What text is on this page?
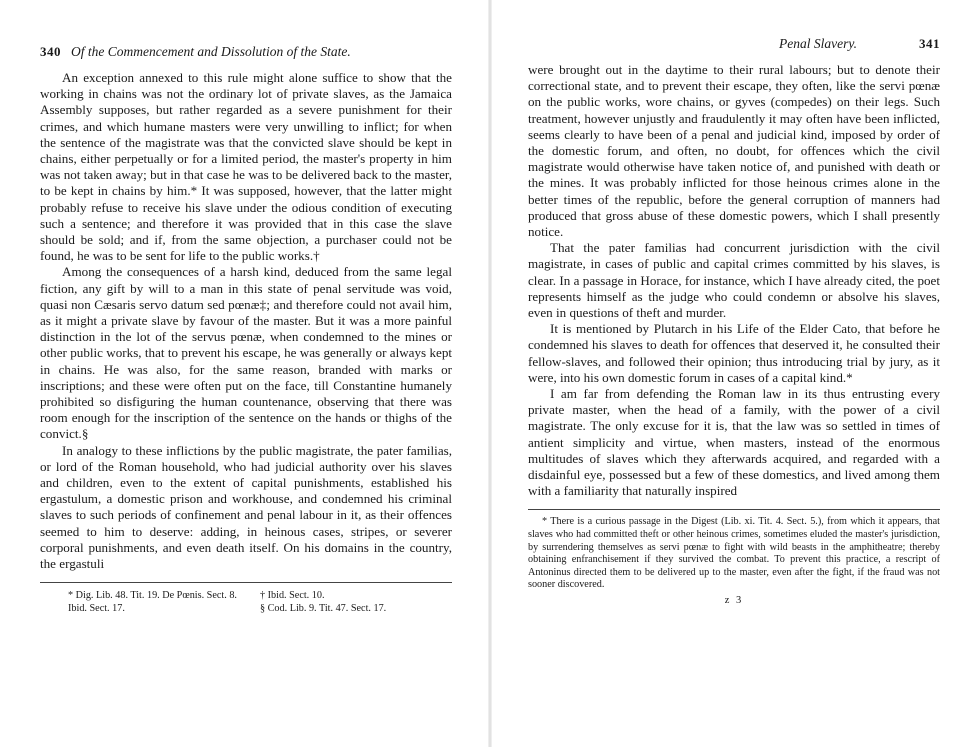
340 Of the Commencement and Dissolution of the State.

An exception annexed to this rule might alone suffice to show that the working in chains was not the ordinary lot of private slaves, as the Jamaica Assembly supposes, but rather regarded as a severe punishment for their crimes, and which humane masters were very unwilling to inflict; for when the sentence of the magistrate was that the convicted slave should be kept in chains, either perpetually or for a limited period, the master's property in him was not taken away; but in that case he was to be delivered back to the master, to be kept in chains by him.* It was supposed, however, that the latter might probably refuse to receive his slave under the odious condition of executing such a sentence; and therefore it was provided that in this case the slave should be sold; and if, from the same objection, a purchaser could not be found, he was to be sent for life to the public works.†

Among the consequences of a harsh kind, deduced from the same legal fiction, any gift by will to a man in this state of penal servitude was void, quasi non Cæsaris servo datum sed pœnæ‡; and therefore could not avail him, as it might a private slave by favour of the master. But it was a more painful distinction in the lot of the servus pœnæ, when condemned to the mines or other public works, that to prevent his escape, he was generally or always kept in chains. He was also, for the same reason, branded with marks or inscriptions; and these were often put on the face, till Constantine humanely prohibited so disfiguring the human countenance, observing that there was room enough for the inscription of the sentence on the hands or thighs of the convict.§

In analogy to these inflictions by the public magistrate, the pater familias, or lord of the Roman household, who had judicial authority over his slaves and children, even to the extent of capital punishments, established his ergastulum, a domestic prison and workhouse, and condemned his criminal slaves to such periods of confinement and penal labour in it, as their offences seemed to him to deserve: adding, in heinous cases, stripes, or severer corporal punishments, and even death itself. On his domains in the country, the ergastuli

* Dig. Lib. 48. Tit. 19. De Pœnis. Sect. 8.	† Ibid. Sect. 10.
Ibid. Sect. 17.	§ Cod. Lib. 9. Tit. 47. Sect. 17.
Penal Slavery.	341

were brought out in the daytime to their rural labours; but to denote their correctional state, and to prevent their escape, they often, like the servi pœnæ on the public works, wore chains, or gyves (compedes) on their legs. Such treatment, however unjustly and fraudulently it may often have been inflicted, seems clearly to have been of a penal and judicial kind, imposed by order of the domestic forum, and often, no doubt, for offences which the civil magistrate would otherwise have taken notice of, and punished with death or the mines. It was probably inflicted for those heinous crimes alone in the better times of the republic, before the general corruption of manners had produced that gross abuse of these domestic powers, which I shall presently notice.

That the pater familias had concurrent jurisdiction with the civil magistrate, in cases of public and capital crimes committed by his slaves, is clear. In a passage in Horace, for instance, which I have already cited, the poet represents himself as the judge who could condemn or absolve his slaves, even in questions of theft and murder.

It is mentioned by Plutarch in his Life of the Elder Cato, that before he condemned his slaves to death for offences that deserved it, he consulted their fellow-slaves, and followed their opinion; thus introducing trial by jury, as it were, into his own domestic forum in cases of a capital kind.*

I am far from defending the Roman law in its thus entrusting every private master, when the head of a family, with the power of a civil magistrate. The only excuse for it is, that the law was so settled in times of antient simplicity and virtue, when masters, instead of the enormous multitudes of slaves which they afterwards acquired, and regarded with a disdainful eye, possessed but a few of these domestics, and lived among them with a familiarity that naturally inspired

* There is a curious passage in the Digest (Lib. xi. Tit. 4. Sect. 5.), from which it appears, that slaves who had committed theft or other heinous crimes, sometimes eluded the master's jurisdiction, by surrendering themselves as servi pœnæ to fight with wild beasts in the amphitheatre; thereby obtaining enfranchisement if they survived the combat. To prevent this practice, a rescript of Antoninus directed them to be delivered up to the master, even after the fight, if the fraud was not sooner discovered.

z 3
